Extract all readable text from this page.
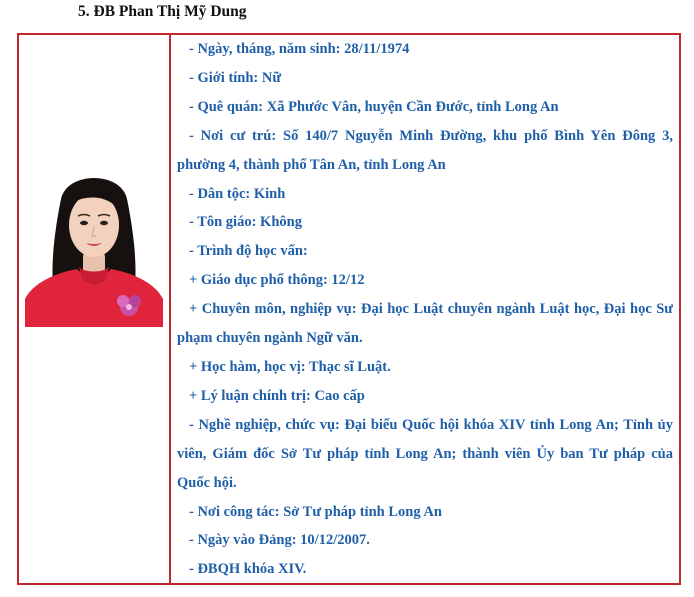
5. ĐB Phan Thị Mỹ Dung

- Ngày, tháng, năm sinh: 28/11/1974

- Giới tính: Nữ

- Quê quán: Xã Phước Vân, huyện Cần Đước, tỉnh Long An

- Nơi cư trú: Số 140/7 Nguyễn Minh Đường, khu phố Bình Yên Đông 3, phường 4, thành phố Tân An, tỉnh Long An

- Dân tộc: Kinh

- Tôn giáo: Không

- Trình độ học vấn:

+ Giáo dục phổ thông: 12/12

+ Chuyên môn, nghiệp vụ: Đại học Luật chuyên ngành Luật học, Đại học Sư phạm chuyên ngành Ngữ văn.

+ Học hàm, học vị: Thạc sĩ Luật.

+ Lý luận chính trị: Cao cấp

- Nghề nghiệp, chức vụ: Đại biểu Quốc hội khóa XIV tỉnh Long An; Tỉnh ủy viên, Giám đốc Sở Tư pháp tỉnh Long An; thành viên Ủy ban Tư pháp của Quốc hội.

- Nơi công tác: Sở Tư pháp tỉnh Long An

- Ngày vào Đảng: 10/12/2007.

- ĐBQH khóa XIV.
